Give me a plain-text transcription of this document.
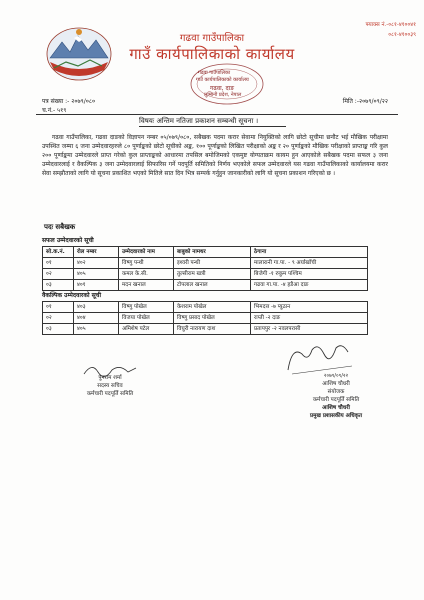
फ्याक्स नं.-०८१-४१००४१
०८१-४१००३९
गढवा गाउँपालिका
गाउँ कार्यपालिकाको कार्यालय
गढवा गाउँपालिका
गाउँ कार्यपालिकाको कार्यालय
गढवा, दाङ
लुम्बिनी प्रदेश, नेपाल
पत्र संख्या :- २०७९/०८०
च.नं.- ५१९
मिति :-२०७९/०९/२२
विषयः अन्तिम नतिजा प्रकाशन सम्बन्धी सूचना ।
गढवा गाउँपालिका, गढवा दाङको विज्ञापन नम्बर ०५/०७९/०८०, सबैखक पदमा करार सेवामा नियुक्तिको लागि छोटो सूचीमा छनौट भई मौखिक परीक्षामा उपस्थित जम्मा ६ जना उम्मेदवारहरुले ८० पूर्णाङ्कको छोटो सूचीको अङ्क, १०० पूर्णाङ्कको लिखित परीक्षाको अङ्क र २० पूर्णाङ्कको मौखिक परीक्षाको प्राप्ताङ्क गरि कुल २०० पूर्णाङ्कमा उम्मेदवारले प्राप्त गरेको कुल प्राप्ताङ्कको आधारमा तपसिल बमोजिमको एकमुष्ट योग्यताक्रम कायम हुन आएकोले सबैखक पदमा सफल ३ जना उम्मेदवारलाई र वैकल्पिक ३ जना उम्मेदवारलाई सिफारिस गर्ने पदपूर्ति समितिको निर्णय भएकोले सफल उम्मेदवारले यस गढवा गाउँपालिकाको कार्यालयमा करार सेवा सम्झौताको लागि यो सूचना प्रकाशित भएको मितिले सात दिन भित्र सम्पर्क गर्नुहुन जानकारीको लागि यो सूचना प्रकाशन गरिएको छ ।
पदः सबैखक
सफल उम्मेदवारको सूची
सो.क.नं.	रोल नम्बर	उम्मेदवारको नाम	बाबुको नामथर	ठेगाना
०१	४०२	विष्णु पन्थी	इश्वरी पन्थी	मालारानी गा.पा. - ९ अर्घाखाँची
०२	४०५	कमल के.सी.	तुल्सीराम खत्री	बिजेगी -१ रुकुम पश्चिम
०३	४०१	मदन खनाल	टोपलाल खनाल	गढवा गा.पा. -४ हडैआ दाङ
वैकल्पिक उम्मेदवारको सूची
०१	४०३	विष्णु पोखेल	केशराम पोखेल	भिमदत्त -७ प्युठान
०२	४०४	विजया पोखेल	विष्णु प्रसाद पोखेल	राप्ती -२ दाङ
०३	४०५	अमिशेष पटेल	विघुरी नारायण दाश	प्रतापपुर -२ नवलपरासी
पुनराम शर्मा
सदस्य सचिव
कर्मचारी पदपूर्ति समिति
२०७९/०९/२२
आशिष चौधरी
संयोजक
कर्मचारी पदपूर्ति समिति
आशिष चौधरी
प्रमुख प्रशासकीय अधिकृत
